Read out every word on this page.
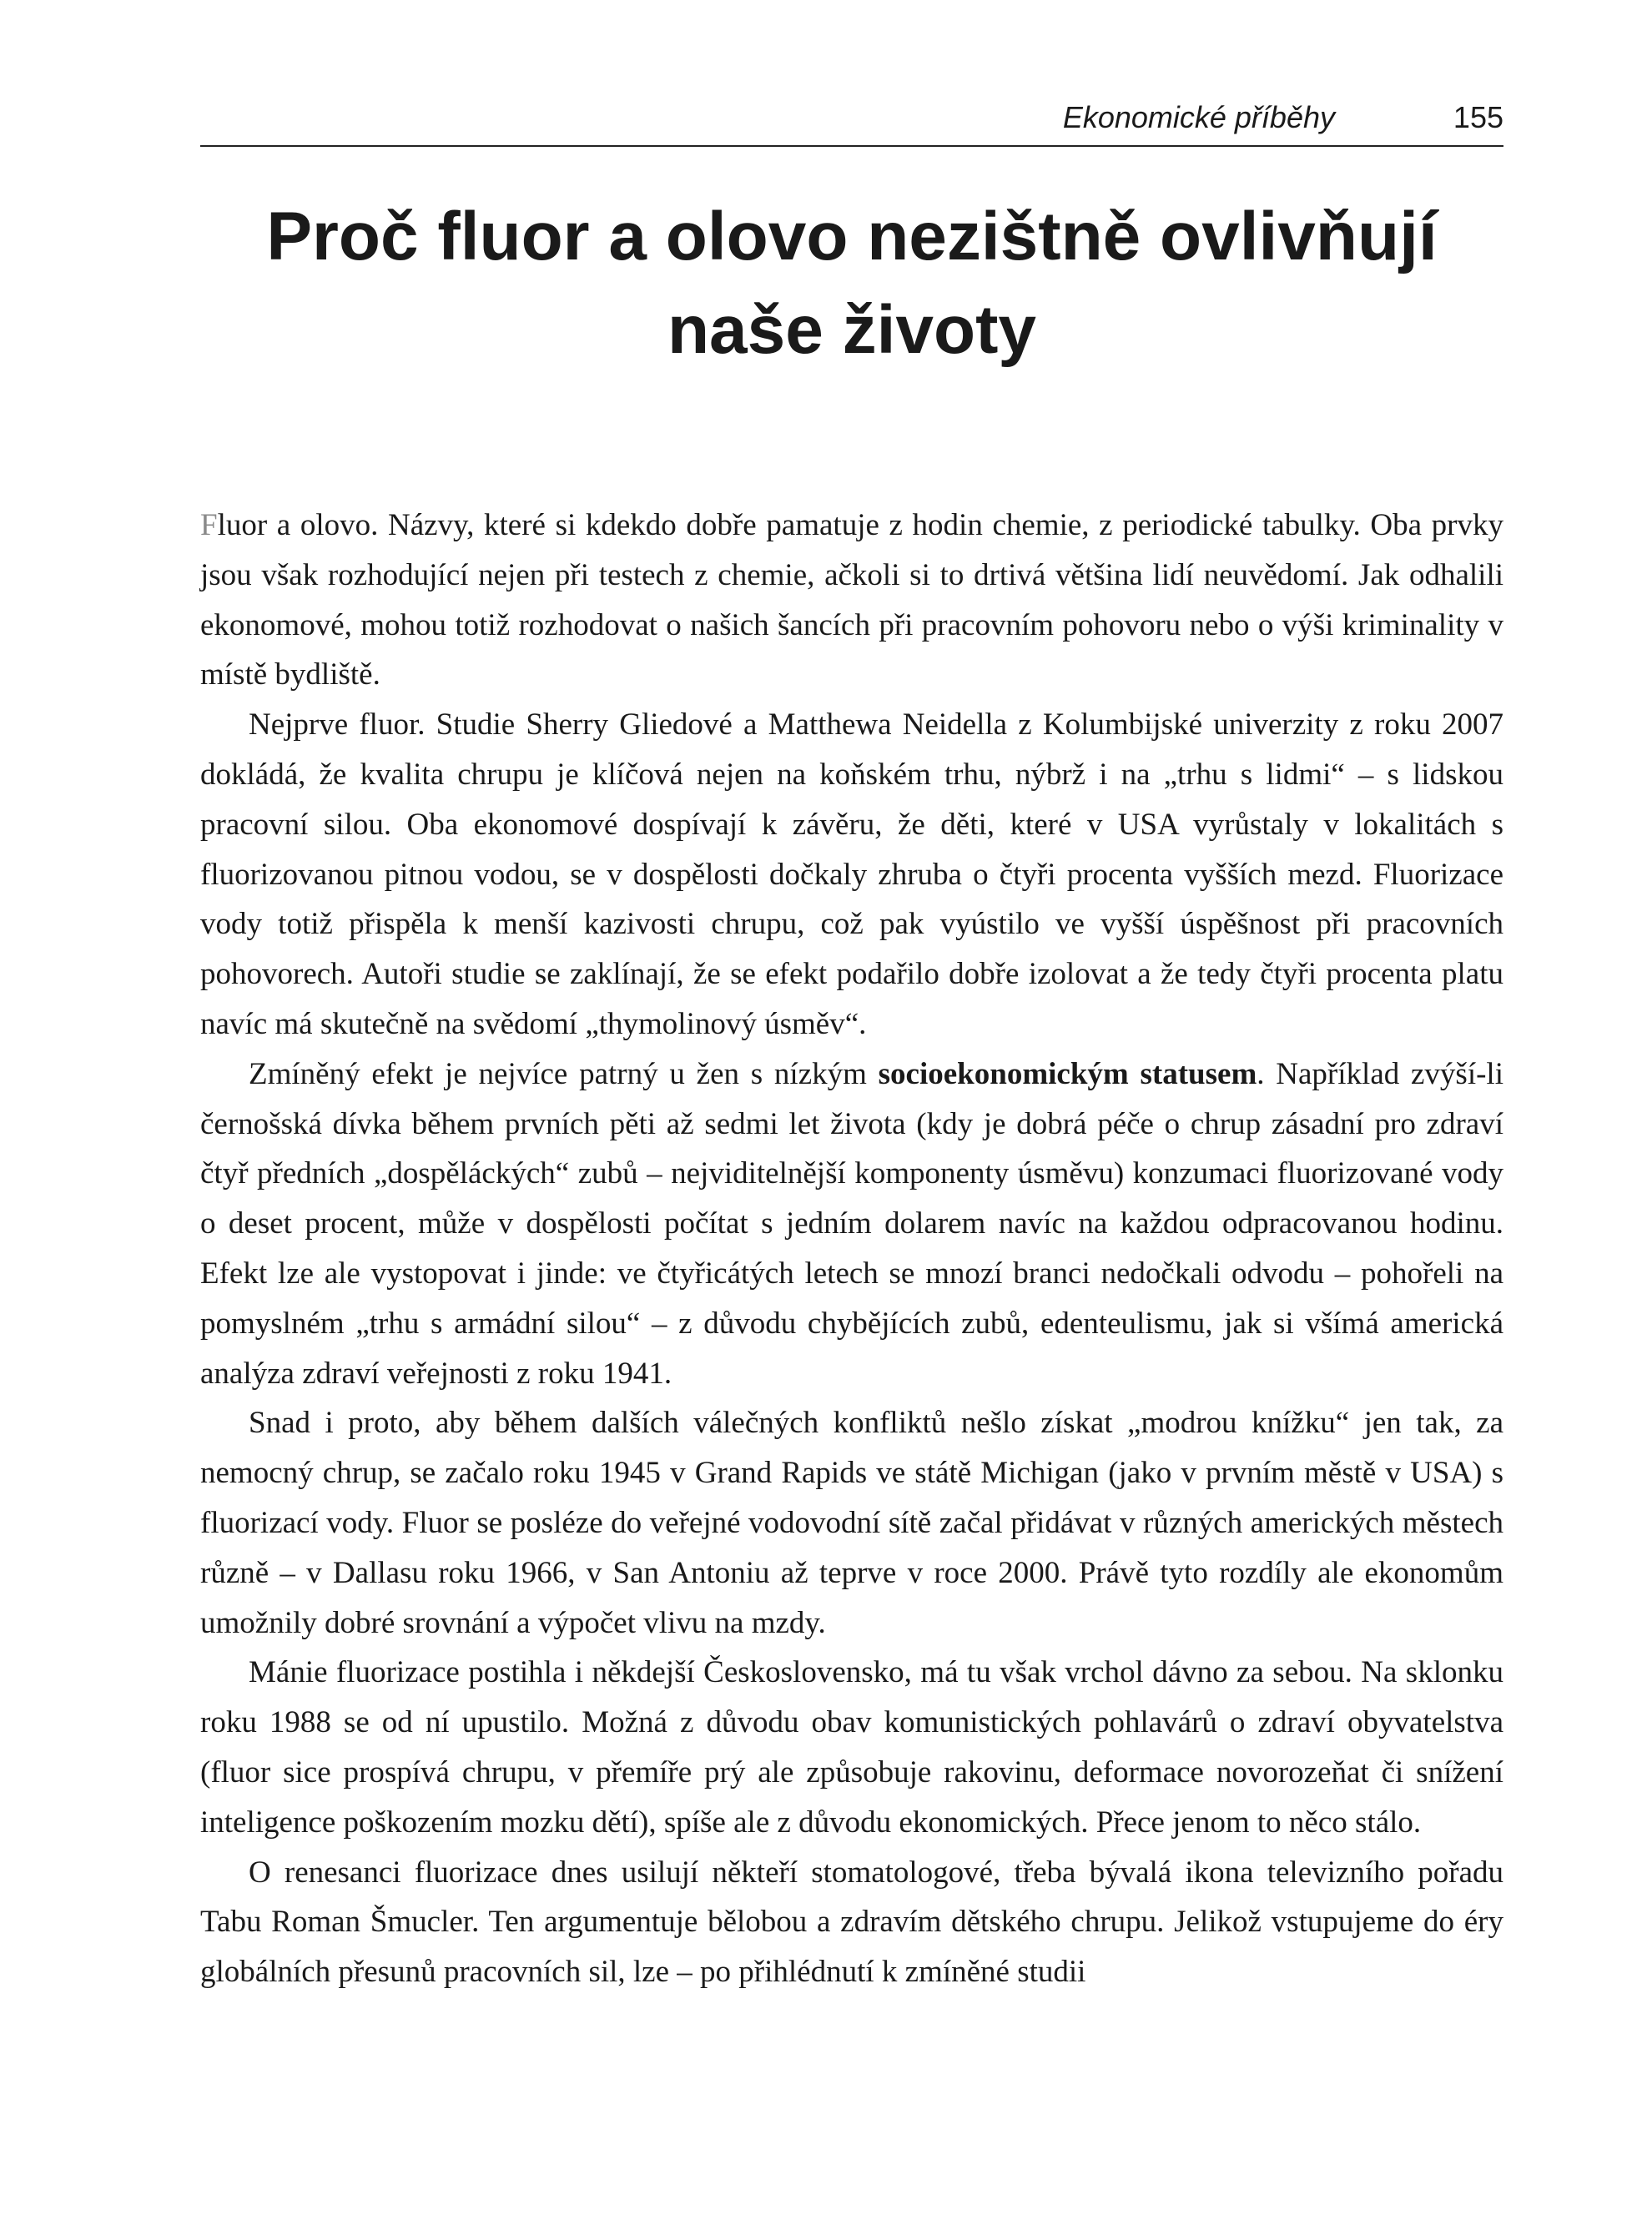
Ekonomické příběhy	155
Proč fluor a olovo nezištně ovlivňují
naše životy

Fluor a olovo. Názvy, které si kdekdo dobře pamatuje z hodin chemie, z periodické tabulky. Oba prvky jsou však rozhodující nejen při testech z chemie, ačkoli si to drtivá většina lidí neuvědomí. Jak odhalili ekonomové, mohou totiž rozhodovat o našich šancích při pracovním pohovoru nebo o výši kriminality v místě bydliště.

Nejprve fluor. Studie Sherry Gliedové a Matthewa Neidella z Kolumbijské univerzity z roku 2007 dokládá, že kvalita chrupu je klíčová nejen na koňském trhu, nýbrž i na „trhu s lidmi“ – s lidskou pracovní silou. Oba ekonomové dospívají k závěru, že děti, které v USA vyrůstaly v lokalitách s fluorizovanou pitnou vodou, se v dospělosti dočkaly zhruba o čtyři procenta vyšších mezd. Fluorizace vody totiž přispěla k menší kazivosti chrupu, což pak vyústilo ve vyšší úspěšnost při pracovních pohovorech. Autoři studie se zaklínají, že se efekt podařilo dobře izolovat a že tedy čtyři procenta platu navíc má skutečně na svědomí „thymolinový úsměv“.

Zmíněný efekt je nejvíce patrný u žen s nízkým socioekonomickým statusem. Například zvýší-li černošská dívka během prvních pěti až sedmi let života (kdy je dobrá péče o chrup zásadní pro zdraví čtyř předních „dospěláckých“ zubů – nejviditelnější komponenty úsměvu) konzumaci fluorizované vody o deset procent, může v dospělosti počítat s jedním dolarem navíc na každou odpracovanou hodinu. Efekt lze ale vystopovat i jinde: ve čtyřicátých letech se mnozí branci nedočkali odvodu – pohořeli na pomyslném „trhu s armádní silou“ – z důvodu chybějících zubů, edenteulismu, jak si všímá americká analýza zdraví veřejnosti z roku 1941.

Snad i proto, aby během dalších válečných konfliktů nešlo získat „modrou knížku“ jen tak, za nemocný chrup, se začalo roku 1945 v Grand Rapids ve státě Michigan (jako v prvním městě v USA) s fluorizací vody. Fluor se posléze do veřejné vodovodní sítě začal přidávat v různých amerických městech různě – v Dallasu roku 1966, v San Antoniu až teprve v roce 2000. Právě tyto rozdíly ale ekonomům umožnily dobré srovnání a výpočet vlivu na mzdy.

Mánie fluorizace postihla i někdejší Československo, má tu však vrchol dávno za sebou. Na sklonku roku 1988 se od ní upustilo. Možná z důvodu obav komunistických pohlavárů o zdraví obyvatelstva (fluor sice prospívá chrupu, v přemíře prý ale způsobuje rakovinu, deformace novorozeňat či snížení inteligence poškozením mozku dětí), spíše ale z důvodu ekonomických. Přece jenom to něco stálo.

O renesanci fluorizace dnes usilují někteří stomatologové, třeba bývalá ikona televizního pořadu Tabu Roman Šmucler. Ten argumentuje bělobou a zdravím dětského chrupu. Jelikož vstupujeme do éry globálních přesunů pracovních sil, lze – po přihlédnutí k zmíněné studii
